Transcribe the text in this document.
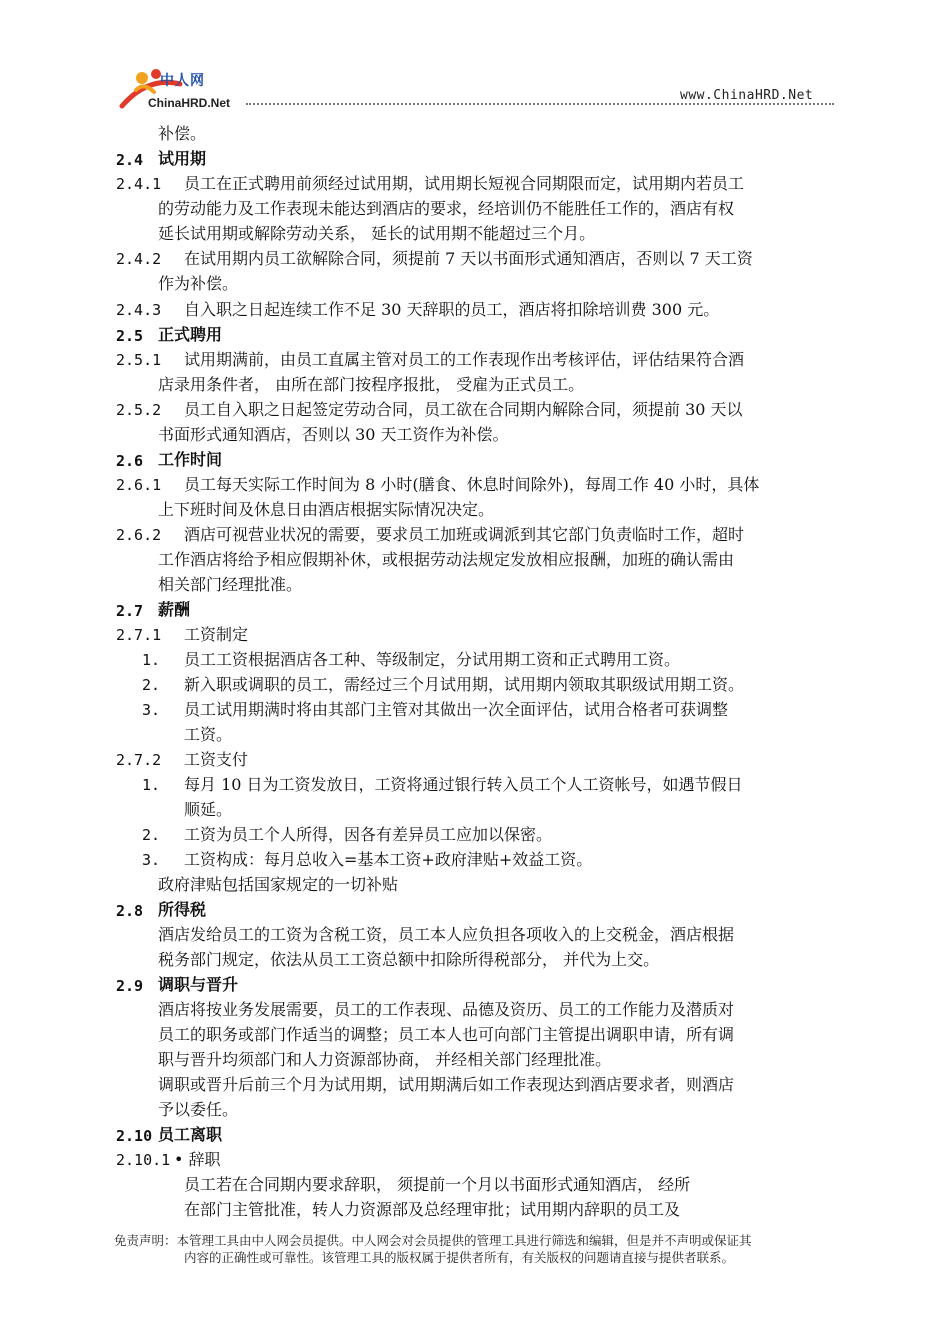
中人网
ChinaHRD.Net	www.ChinaHRD.Net
补偿。
2.4 试用期
2.4.1 员工在正式聘用前须经过试用期，试用期长短视合同期限而定，试用期内若员工
的劳动能力及工作表现未能达到酒店的要求，经培训仍不能胜任工作的，酒店有权
延长试用期或解除劳动关系， 延长的试用期不能超过三个月。
2.4.2 在试用期内员工欲解除合同，须提前 7 天以书面形式通知酒店，否则以 7 天工资
作为补偿。
2.4.3 自入职之日起连续工作不足 30 天辞职的员工，酒店将扣除培训费 300 元。
2.5 正式聘用
2.5.1 试用期满前，由员工直属主管对员工的工作表现作出考核评估，评估结果符合酒
店录用条件者， 由所在部门按程序报批， 受雇为正式员工。
2.5.2 员工自入职之日起签定劳动合同，员工欲在合同期内解除合同，须提前 30 天以
书面形式通知酒店，否则以 30 天工资作为补偿。
2.6 工作时间
2.6.1 员工每天实际工作时间为 8 小时(膳食、休息时间除外)，每周工作 40 小时，具体
上下班时间及休息日由酒店根据实际情况决定。
2.6.2 酒店可视营业状况的需要，要求员工加班或调派到其它部门负责临时工作，超时
工作酒店将给予相应假期补休，或根据劳动法规定发放相应报酬，加班的确认需由
相关部门经理批准。
2.7 薪酬
2.7.1 工资制定
1. 员工工资根据酒店各工种、等级制定，分试用期工资和正式聘用工资。
2. 新入职或调职的员工，需经过三个月试用期，试用期内领取其职级试用期工资。
3. 员工试用期满时将由其部门主管对其做出一次全面评估，试用合格者可获调整
工资。
2.7.2 工资支付
1. 每月 10 日为工资发放日，工资将通过银行转入员工个人工资帐号，如遇节假日
顺延。
2. 工资为员工个人所得，因各有差异员工应加以保密。
3. 工资构成：每月总收入=基本工资+政府津贴+效益工资。
政府津贴包括国家规定的一切补贴
2.8 所得税
酒店发给员工的工资为含税工资，员工本人应负担各项收入的上交税金，酒店根据
税务部门规定，依法从员工工资总额中扣除所得税部分， 并代为上交。
2.9 调职与晋升
酒店将按业务发展需要，员工的工作表现、品德及资历、员工的工作能力及潜质对
员工的职务或部门作适当的调整；员工本人也可向部门主管提出调职申请，所有调
职与晋升均须部门和人力资源部协商， 并经相关部门经理批准。
调职或晋升后前三个月为试用期，试用期满后如工作表现达到酒店要求者，则酒店
予以委任。
2.10 员工离职
2.10.1 • 辞职
员工若在合同期内要求辞职， 须提前一个月以书面形式通知酒店， 经所
在部门主管批准，转人力资源部及总经理审批；试用期内辞职的员工及
免责声明：本管理工具由中人网会员提供。中人网会对会员提供的管理工具进行筛选和编辑，但是并不声明或保证其
内容的正确性或可靠性。该管理工具的版权属于提供者所有，有关版权的问题请直接与提供者联系。
